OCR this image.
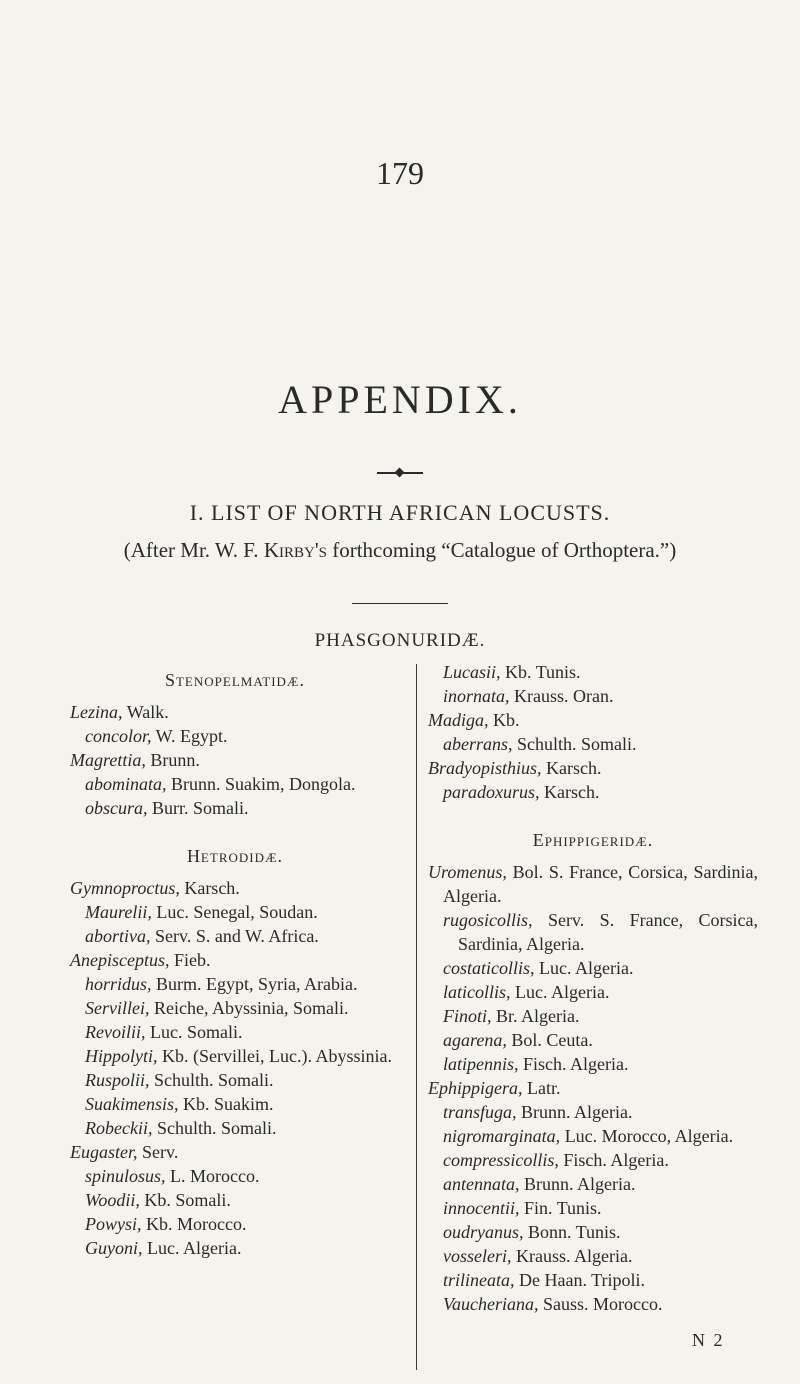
179
APPENDIX.
I. LIST OF NORTH AFRICAN LOCUSTS.
(After Mr. W. F. Kirby's forthcoming “Catalogue of Orthoptera.”)
PHASGONURIDÆ.
Stenopelmatidæ.
Lezina, Walk.
concolor, W. Egypt.
Magrettia, Brunn.
abominata, Brunn. Suakim, Dongola.
obscura, Burr. Somali.
Hetrodidæ.
Gymnoproctus, Karsch.
Maurelii, Luc. Senegal, Soudan.
abortiva, Serv. S. and W. Africa.
Anepisceptus, Fieb.
horridus, Burm. Egypt, Syria, Arabia.
Servillei, Reiche, Abyssinia, Somali.
Revoilii, Luc. Somali.
Hippolyti, Kb. (Servillei, Luc.). Abyssinia.
Ruspolii, Schulth. Somali.
Suakimensis, Kb. Suakim.
Robeckii, Schulth. Somali.
Eugaster, Serv.
spinulosus, L. Morocco.
Woodii, Kb. Somali.
Powysi, Kb. Morocco.
Guyoni, Luc. Algeria.
Lucasii, Kb. Tunis.
inornata, Krauss. Oran.
Madiga, Kb.
aberrans, Schulth. Somali.
Bradyopisthius, Karsch.
paradoxurus, Karsch.
Ephippigeridæ.
Uromenus, Bol. S. France, Corsica, Sardinia, Algeria.
rugosicollis, Serv. S. France, Corsica, Sardinia, Algeria.
costaticollis, Luc. Algeria.
laticollis, Luc. Algeria.
Finoti, Br. Algeria.
agarena, Bol. Ceuta.
latipennis, Fisch. Algeria.
Ephippigera, Latr.
transfuga, Brunn. Algeria.
nigromarginata, Luc. Morocco, Algeria.
compressicollis, Fisch. Algeria.
antennata, Brunn. Algeria.
innocentii, Fin. Tunis.
oudryanus, Bonn. Tunis.
vosseleri, Krauss. Algeria.
trilineata, De Haan. Tripoli.
Vaucheriana, Sauss. Morocco.
N 2
